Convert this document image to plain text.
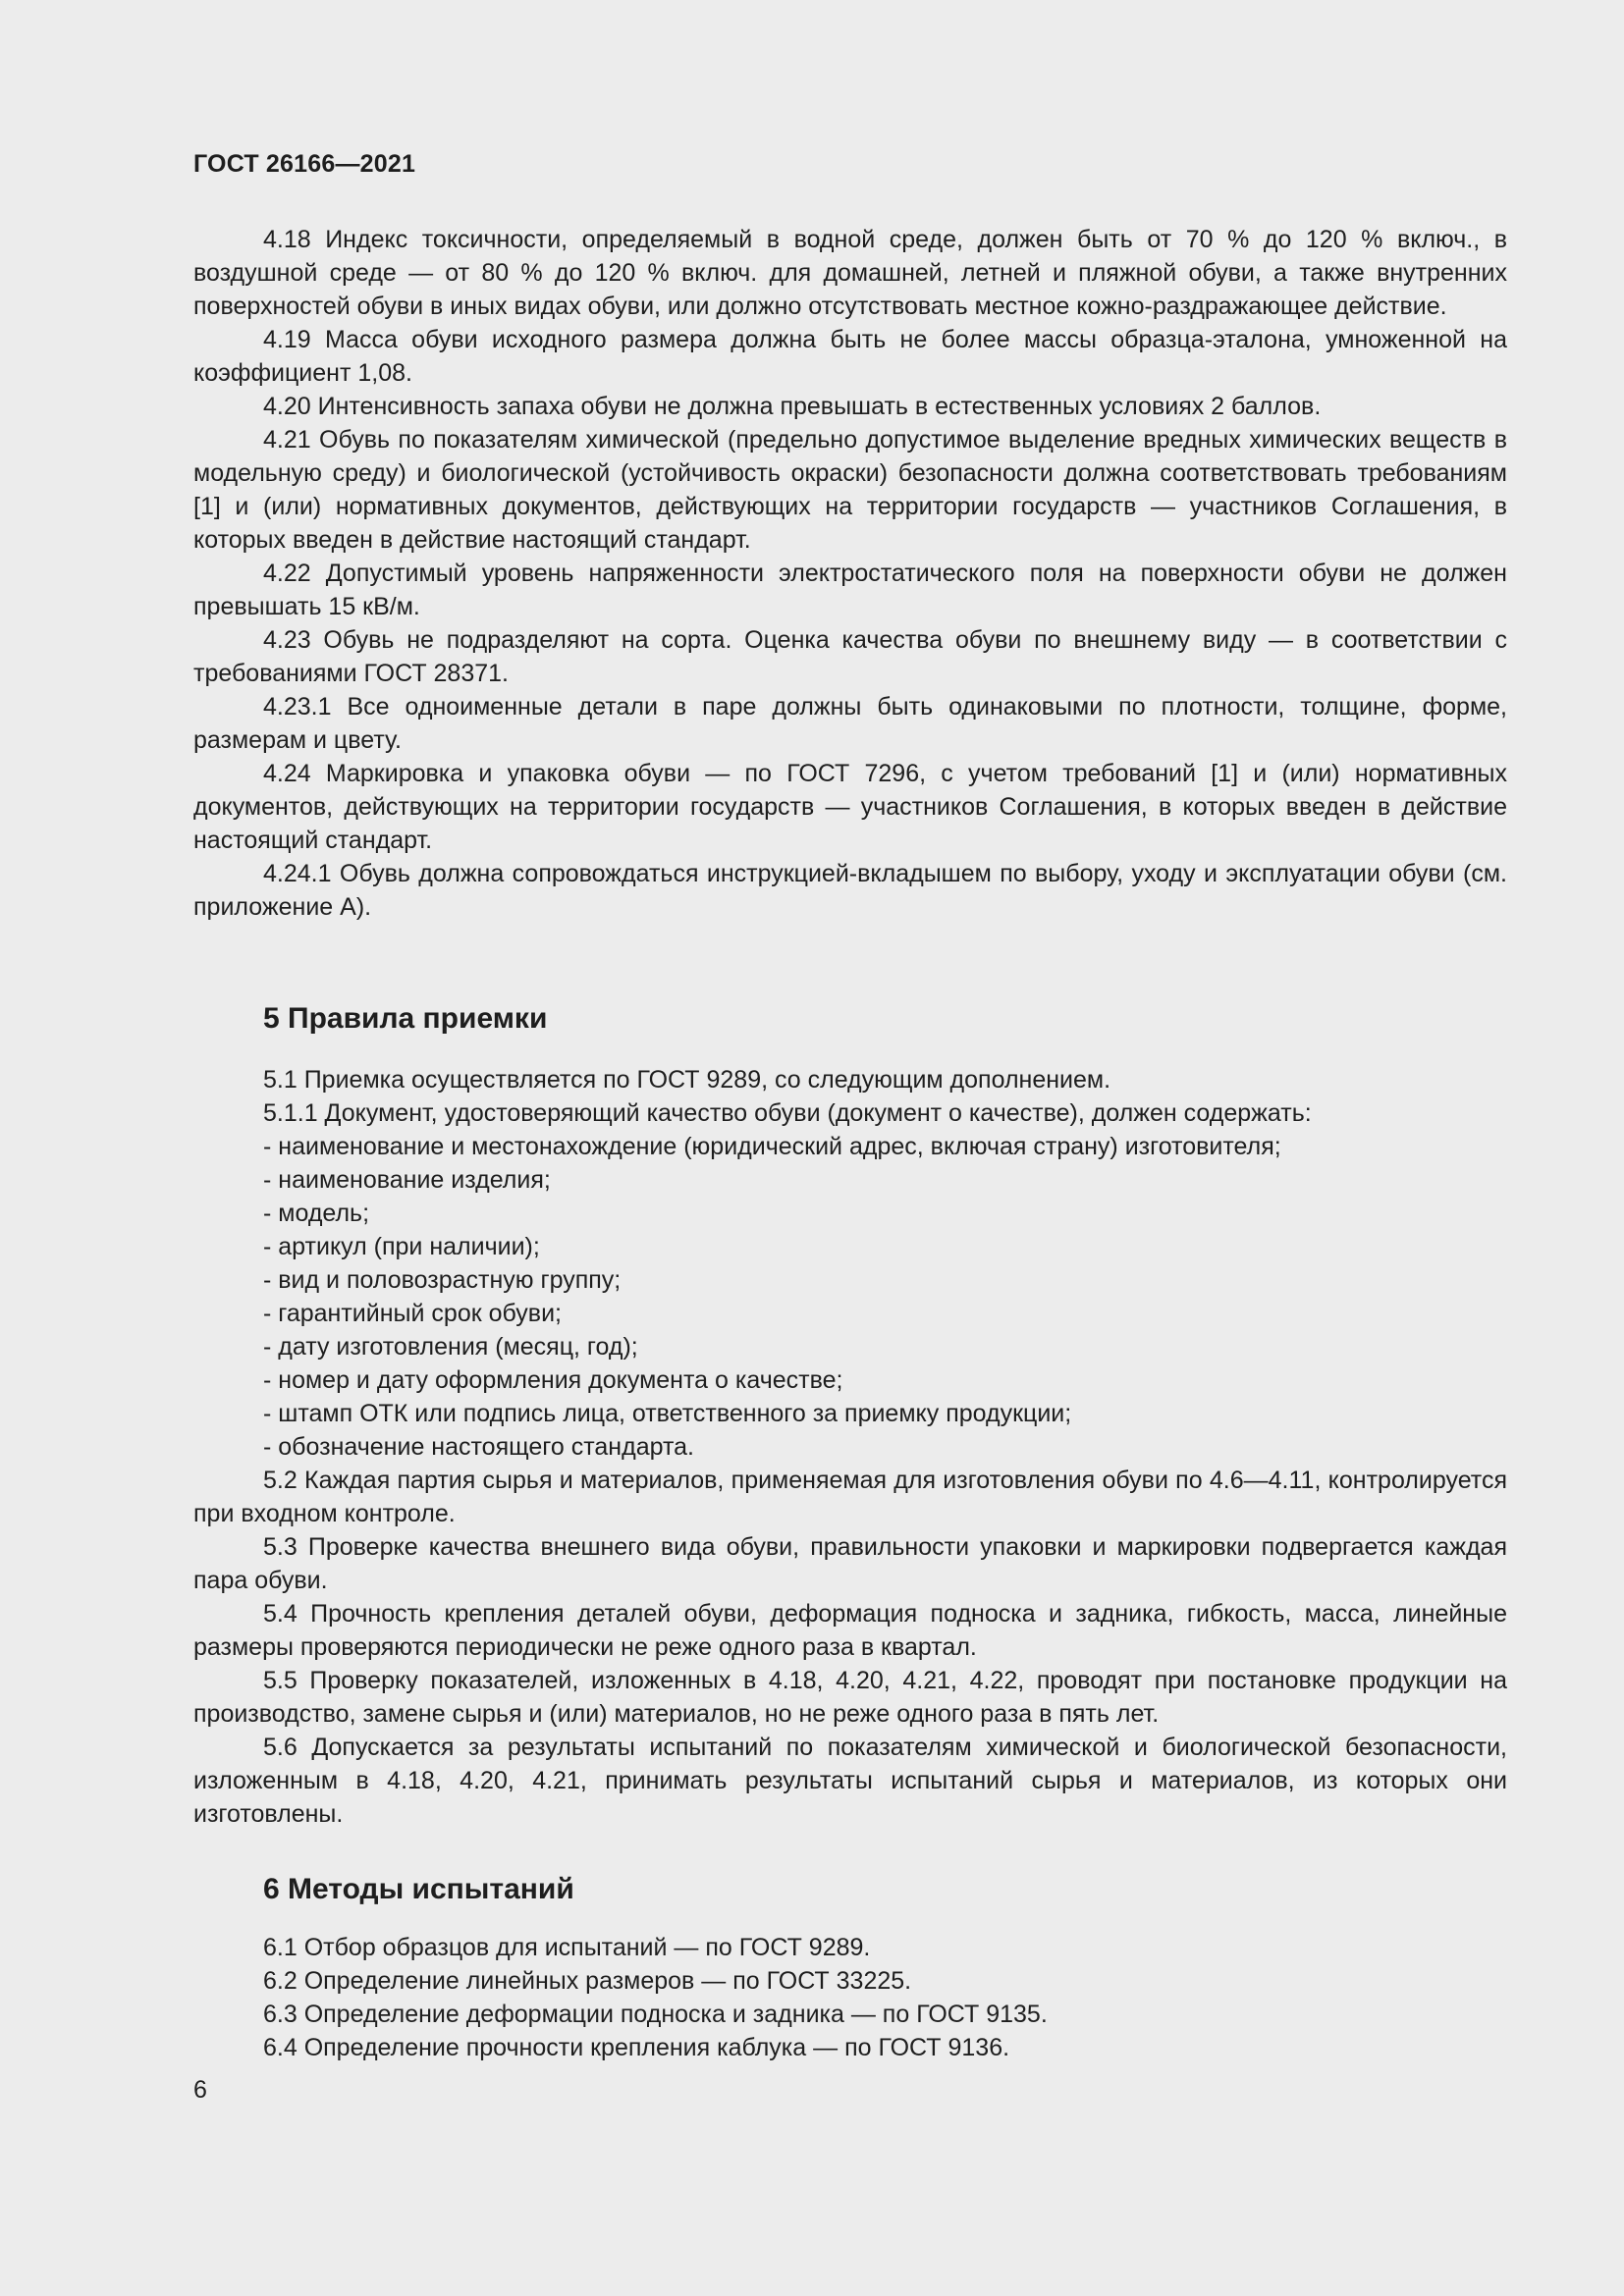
ГОСТ 26166—2021

4.18 Индекс токсичности, определяемый в водной среде, должен быть от 70 % до 120 % включ., в воздушной среде — от 80 % до 120 % включ. для домашней, летней и пляжной обуви, а также внутренних поверхностей обуви в иных видах обуви, или должно отсутствовать местное кожно-раздражающее действие.

4.19 Масса обуви исходного размера должна быть не более массы образца-эталона, умноженной на коэффициент 1,08.

4.20 Интенсивность запаха обуви не должна превышать в естественных условиях 2 баллов.

4.21 Обувь по показателям химической (предельно допустимое выделение вредных химических веществ в модельную среду) и биологической (устойчивость окраски) безопасности должна соответствовать требованиям [1] и (или) нормативных документов, действующих на территории государств — участников Соглашения, в которых введен в действие настоящий стандарт.

4.22 Допустимый уровень напряженности электростатического поля на поверхности обуви не должен превышать 15 кВ/м.

4.23 Обувь не подразделяют на сорта. Оценка качества обуви по внешнему виду — в соответствии с требованиями ГОСТ 28371.

4.23.1 Все одноименные детали в паре должны быть одинаковыми по плотности, толщине, форме, размерам и цвету.

4.24 Маркировка и упаковка обуви — по ГОСТ 7296, с учетом требований [1] и (или) нормативных документов, действующих на территории государств — участников Соглашения, в которых введен в действие настоящий стандарт.

4.24.1 Обувь должна сопровождаться инструкцией-вкладышем по выбору, уходу и эксплуатации обуви (см. приложение А).

5 Правила приемки

5.1 Приемка осуществляется по ГОСТ 9289, со следующим дополнением.

5.1.1 Документ, удостоверяющий качество обуви (документ о качестве), должен содержать:

- наименование и местонахождение (юридический адрес, включая страну) изготовителя;

- наименование изделия;

- модель;

- артикул (при наличии);

- вид и половозрастную группу;

- гарантийный срок обуви;

- дату изготовления (месяц, год);

- номер и дату оформления документа о качестве;

- штамп ОТК или подпись лица, ответственного за приемку продукции;

- обозначение настоящего стандарта.

5.2 Каждая партия сырья и материалов, применяемая для изготовления обуви по 4.6—4.11, контролируется при входном контроле.

5.3 Проверке качества внешнего вида обуви, правильности упаковки и маркировки подвергается каждая пара обуви.

5.4 Прочность крепления деталей обуви, деформация подноска и задника, гибкость, масса, линейные размеры проверяются периодически не реже одного раза в квартал.

5.5 Проверку показателей, изложенных в 4.18, 4.20, 4.21, 4.22, проводят при постановке продукции на производство, замене сырья и (или) материалов, но не реже одного раза в пять лет.

5.6 Допускается за результаты испытаний по показателям химической и биологической безопасности, изложенным в 4.18, 4.20, 4.21, принимать результаты испытаний сырья и материалов, из которых они изготовлены.

6 Методы испытаний

6.1 Отбор образцов для испытаний — по ГОСТ 9289.

6.2 Определение линейных размеров — по ГОСТ 33225.

6.3 Определение деформации подноска и задника — по ГОСТ 9135.

6.4 Определение прочности крепления каблука — по ГОСТ 9136.

6
